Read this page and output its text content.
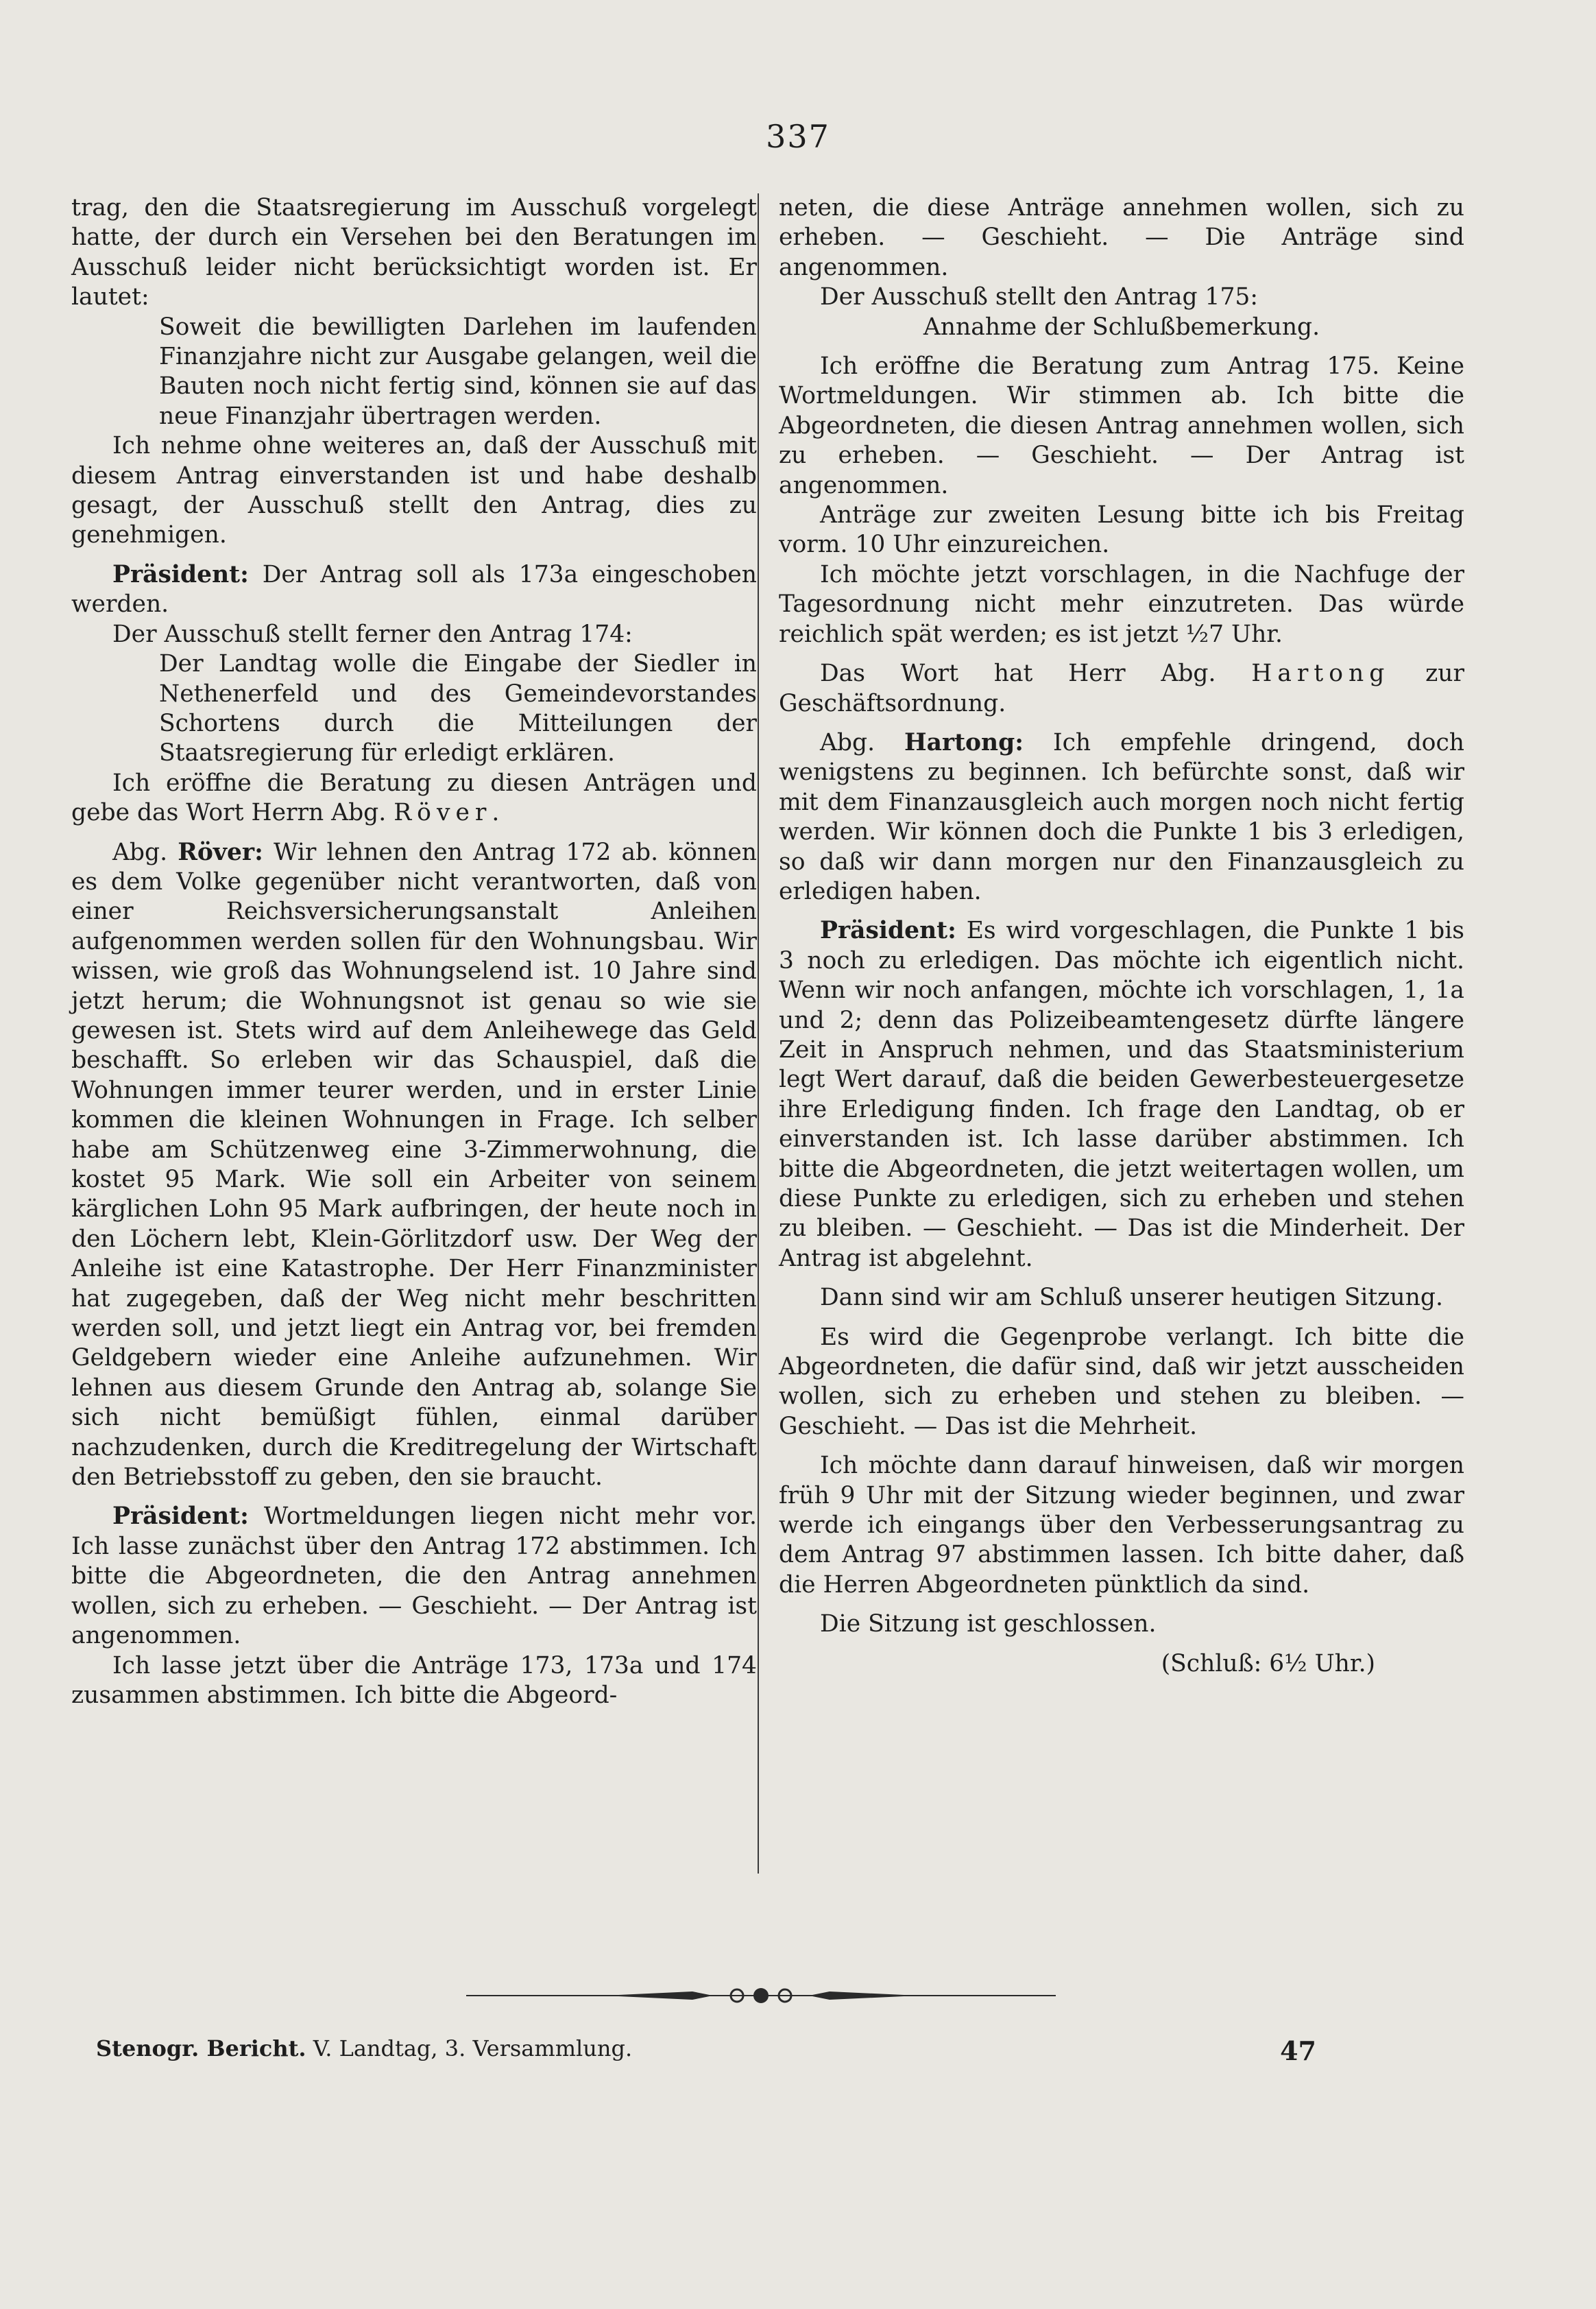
337

trag, den die Staatsregierung im Ausschuß vorgelegt hatte, der durch ein Versehen bei den Beratungen im Ausschuß leider nicht berücksichtigt worden ist. Er lautet:

Soweit die bewilligten Darlehen im laufenden Finanzjahre nicht zur Ausgabe gelangen, weil die Bauten noch nicht fertig sind, können sie auf das neue Finanzjahr übertragen werden.

Ich nehme ohne weiteres an, daß der Ausschuß mit diesem Antrag einverstanden ist und habe deshalb gesagt, der Ausschuß stellt den Antrag, dies zu genehmigen.

Präsident: Der Antrag soll als 173a eingeschoben werden.

Der Ausschuß stellt ferner den Antrag 174:

Der Landtag wolle die Eingabe der Siedler in Nethenerfeld und des Gemeindevorstandes Schortens durch die Mitteilungen der Staatsregierung für erledigt erklären.

Ich eröffne die Beratung zu diesen Anträgen und gebe das Wort Herrn Abg. Röver.

Abg. Röver: Wir lehnen den Antrag 172 ab. können es dem Volke gegenüber nicht verantworten, daß von einer Reichsversicherungsanstalt Anleihen aufgenommen werden sollen für den Wohnungsbau. Wir wissen, wie groß das Wohnungselend ist. 10 Jahre sind jetzt herum; die Wohnungsnot ist genau so wie sie gewesen ist. Stets wird auf dem Anleihewege das Geld beschafft. So erleben wir das Schauspiel, daß die Wohnungen immer teurer werden, und in erster Linie kommen die kleinen Wohnungen in Frage. Ich selber habe am Schützenweg eine 3-Zimmerwohnung, die kostet 95 Mark. Wie soll ein Arbeiter von seinem kärglichen Lohn 95 Mark aufbringen, der heute noch in den Löchern lebt, Klein-Görlitzdorf usw. Der Weg der Anleihe ist eine Katastrophe. Der Herr Finanzminister hat zugegeben, daß der Weg nicht mehr beschritten werden soll, und jetzt liegt ein Antrag vor, bei fremden Geldgebern wieder eine Anleihe aufzunehmen. Wir lehnen aus diesem Grunde den Antrag ab, solange Sie sich nicht bemüßigt fühlen, einmal darüber nachzudenken, durch die Kreditregelung der Wirtschaft den Betriebsstoff zu geben, den sie braucht.

Präsident: Wortmeldungen liegen nicht mehr vor. Ich lasse zunächst über den Antrag 172 abstimmen. Ich bitte die Abgeordneten, die den Antrag annehmen wollen, sich zu erheben. — Geschieht. — Der Antrag ist angenommen.

Ich lasse jetzt über die Anträge 173, 173a und 174 zusammen abstimmen. Ich bitte die Abgeord-

neten, die diese Anträge annehmen wollen, sich zu erheben. — Geschieht. — Die Anträge sind angenommen.

Der Ausschuß stellt den Antrag 175:

Annahme der Schlußbemerkung.

Ich eröffne die Beratung zum Antrag 175. Keine Wortmeldungen. Wir stimmen ab. Ich bitte die Abgeordneten, die diesen Antrag annehmen wollen, sich zu erheben. — Geschieht. — Der Antrag ist angenommen.

Anträge zur zweiten Lesung bitte ich bis Freitag vorm. 10 Uhr einzureichen.

Ich möchte jetzt vorschlagen, in die Nachfuge der Tagesordnung nicht mehr einzutreten. Das würde reichlich spät werden; es ist jetzt ½7 Uhr.

Das Wort hat Herr Abg. Hartong zur Geschäftsordnung.

Abg. Hartong: Ich empfehle dringend, doch wenigstens zu beginnen. Ich befürchte sonst, daß wir mit dem Finanzausgleich auch morgen noch nicht fertig werden. Wir können doch die Punkte 1 bis 3 erledigen, so daß wir dann morgen nur den Finanzausgleich zu erledigen haben.

Präsident: Es wird vorgeschlagen, die Punkte 1 bis 3 noch zu erledigen. Das möchte ich eigentlich nicht. Wenn wir noch anfangen, möchte ich vorschlagen, 1, 1a und 2; denn das Polizeibeamtengesetz dürfte längere Zeit in Anspruch nehmen, und das Staatsministerium legt Wert darauf, daß die beiden Gewerbesteuergesetze ihre Erledigung finden. Ich frage den Landtag, ob er einverstanden ist. Ich lasse darüber abstimmen. Ich bitte die Abgeordneten, die jetzt weitertagen wollen, um diese Punkte zu erledigen, sich zu erheben und stehen zu bleiben. — Geschieht. — Das ist die Minderheit. Der Antrag ist abgelehnt.

Dann sind wir am Schluß unserer heutigen Sitzung.

Es wird die Gegenprobe verlangt. Ich bitte die Abgeordneten, die dafür sind, daß wir jetzt ausscheiden wollen, sich zu erheben und stehen zu bleiben. — Geschieht. — Das ist die Mehrheit.

Ich möchte dann darauf hinweisen, daß wir morgen früh 9 Uhr mit der Sitzung wieder beginnen, und zwar werde ich eingangs über den Verbesserungsantrag zu dem Antrag 97 abstimmen lassen. Ich bitte daher, daß die Herren Abgeordneten pünktlich da sind.

Die Sitzung ist geschlossen.

(Schluß: 6½ Uhr.)

Stenogr. Bericht. V. Landtag, 3. Versammlung.	47
